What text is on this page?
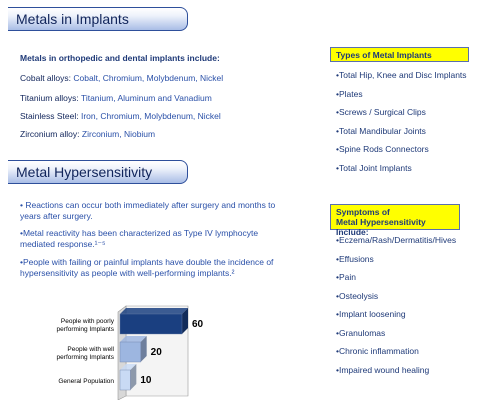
Metals in Implants
Metals in orthopedic and dental implants include:
Cobalt alloys: Cobalt, Chromium, Molybdenum, Nickel
Titanium alloys: Titanium, Aluminum and Vanadium
Stainless Steel: Iron, Chromium, Molybdenum, Nickel
Zirconium alloy: Zirconium, Niobium
Types of Metal Implants
•Total Hip, Knee and Disc Implants
•Plates
•Screws / Surgical Clips
•Total Mandibular Joints
•Spine Rods Connectors
•Total Joint Implants
Metal Hypersensitivity
• Reactions can occur both immediately after surgery and months to years after surgery.
•Metal reactivity has been characterized as Type IV lymphocyte mediated response.¹⁻⁵
•People with failing or painful implants have double the incidence of hypersensitivity as people with well-performing implants.²
Symptoms of
Metal Hypersensitivity Include:
•Eczema/Rash/Dermatitis/Hives
•Effusions
•Pain
•Osteolysis
•Implant loosening
•Granulomas
•Chronic inflammation
•Impaired wound healing
60
People with poorly performing Implants
20
People with well performing Implants
10
General Population
